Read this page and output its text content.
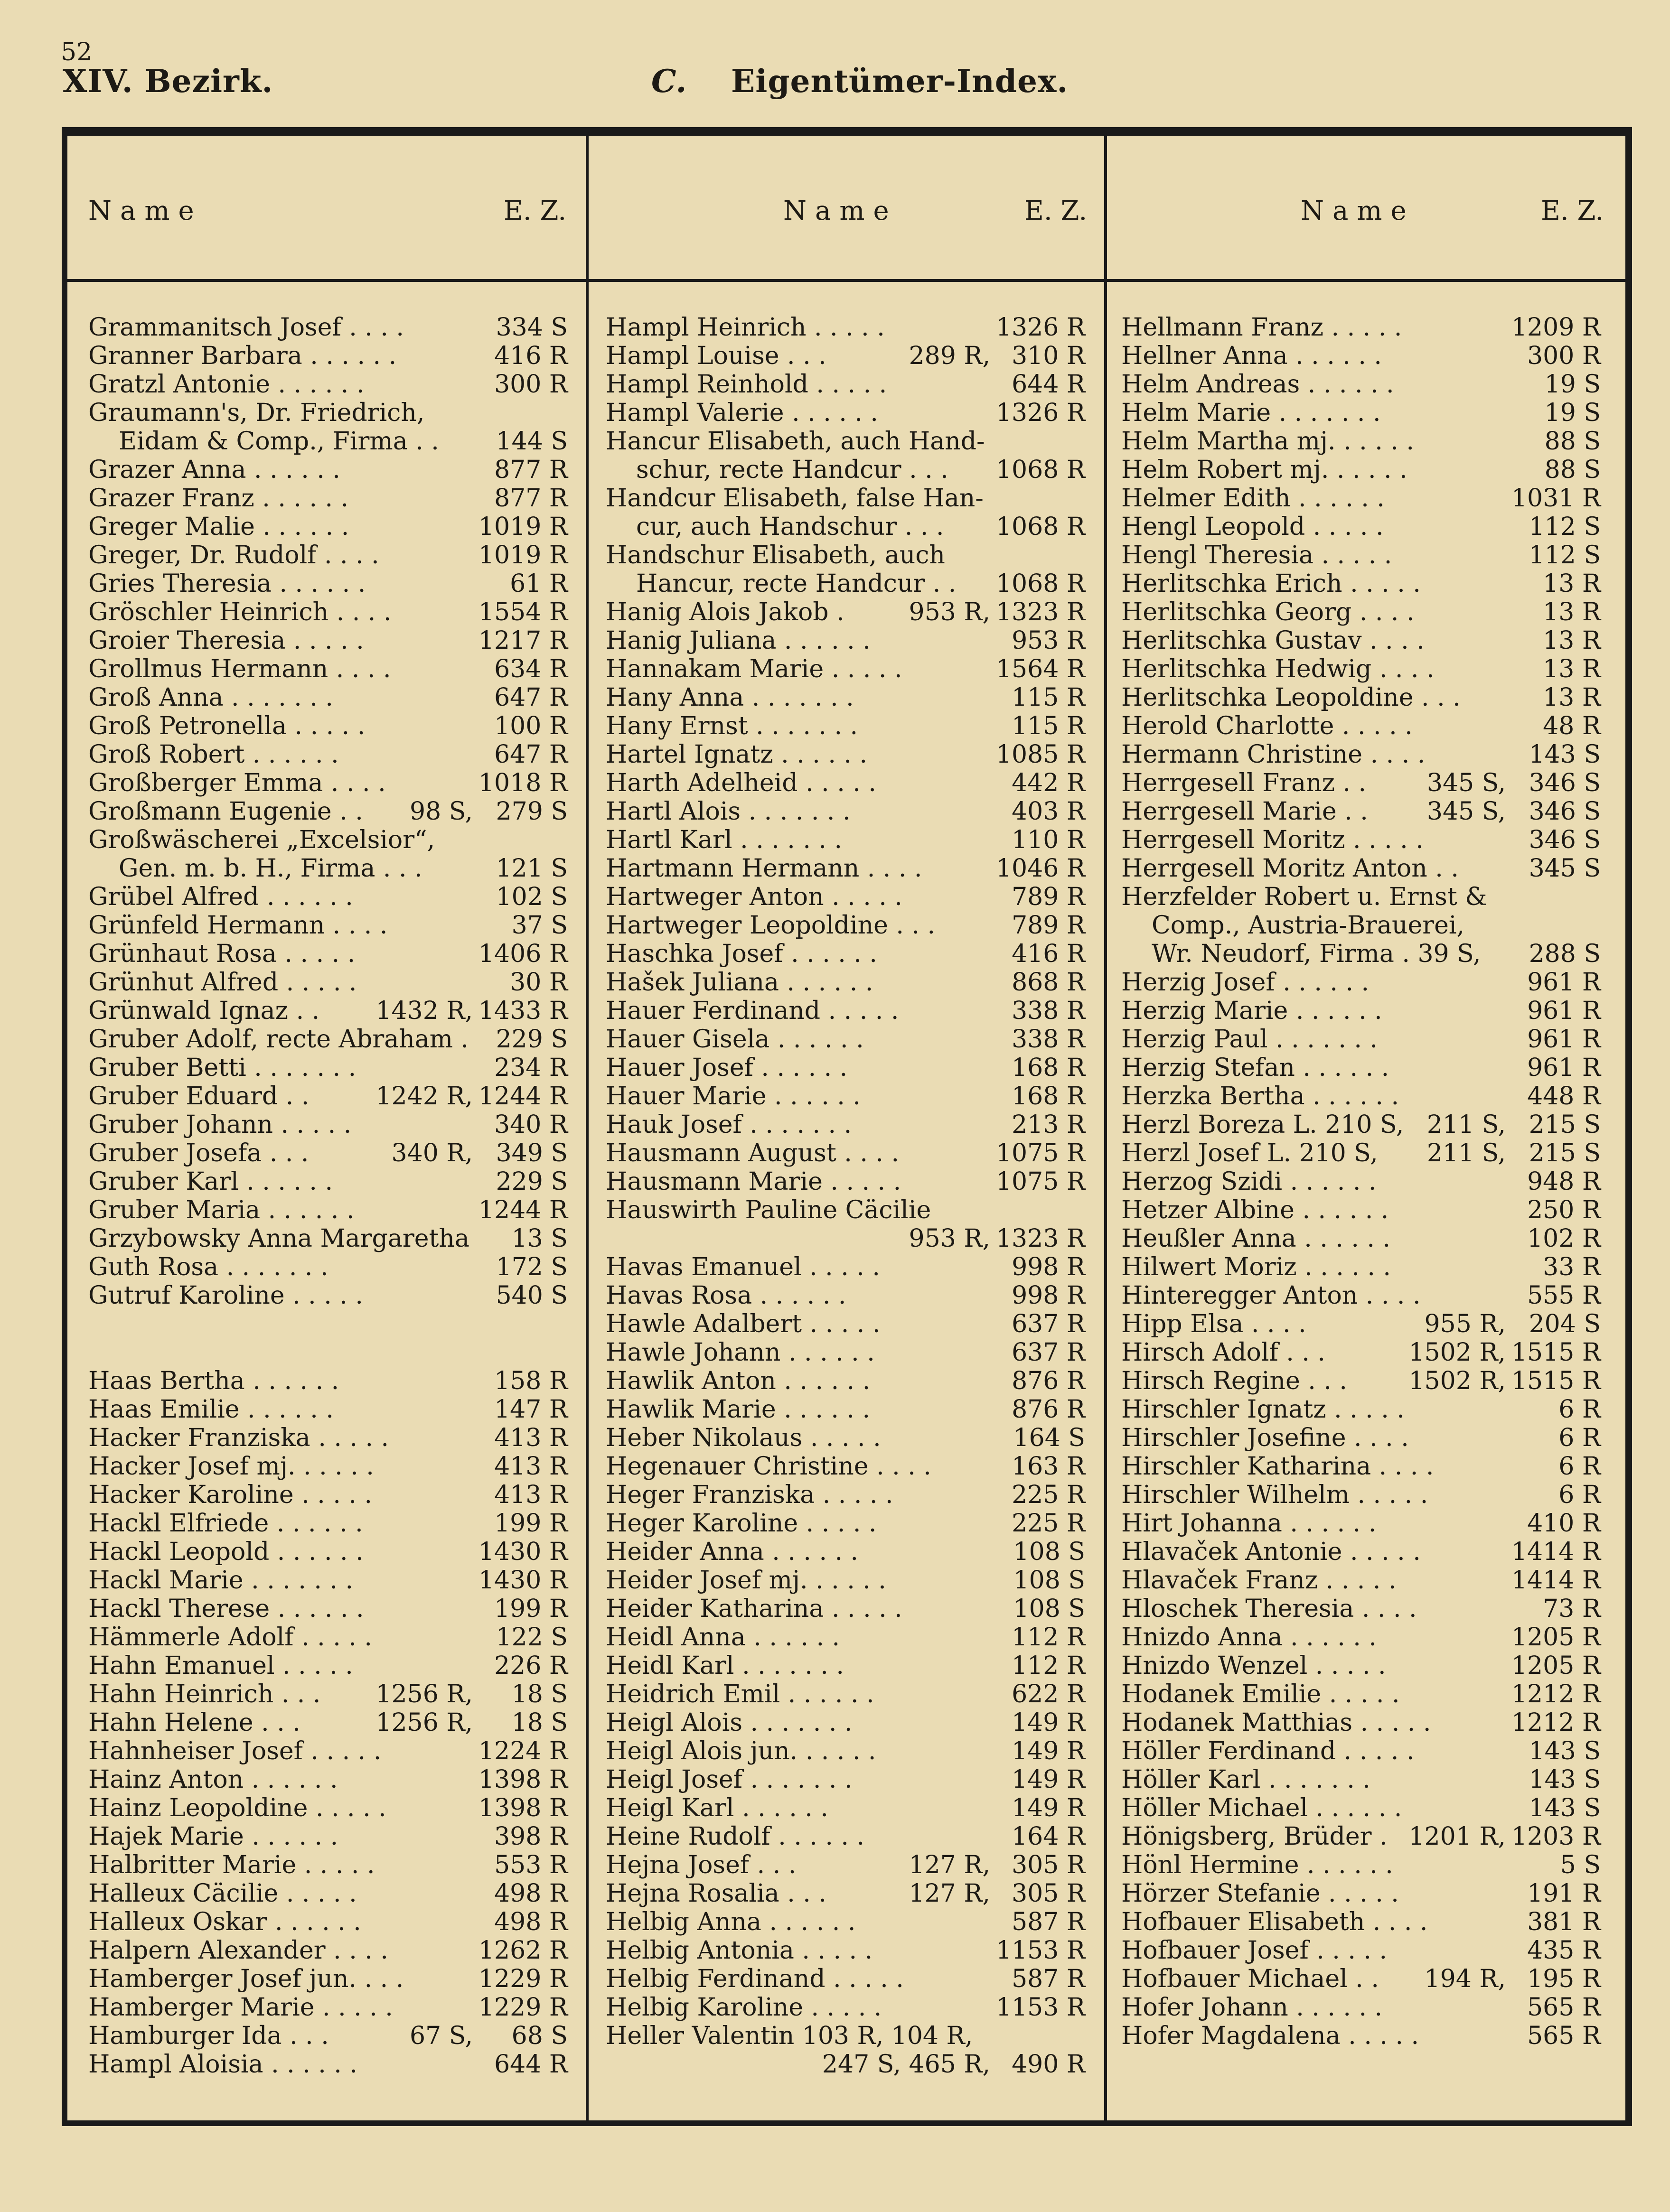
52
XIV. Bezirk.	C. Eigentümer-Index.
Name	E. Z.	Name	E. Z.	Name	E. Z.
Grammanitsch Josef . . . .	334 S
Granner Barbara . . . . . .	416 R
Gratzl Antonie . . . . . .	300 R
Graumann's, Dr. Friedrich,
Eidam & Comp., Firma . . 144 S
Grazer Anna . . . . . .	877 R
Grazer Franz . . . . . .	877 R
Greger Malie . . . . . .	1019 R
Greger, Dr. Rudolf . . . .	1019 R
Gries Theresia . . . . . .	61 R
Gröschler Heinrich . . . .	1554 R
Groier Theresia . . . . .	1217 R
Grollmus Hermann . . . .	634 R
Groß Anna . . . . . . .	647 R
Groß Petronella . . . . .	100 R
Groß Robert . . . . . .	647 R
Großberger Emma . . . .	1018 R
Großmann Eugenie . . 98 S, 279 S
Großwäscherei „Excelsior“,
Gen. m. b. H., Firma . . .	121 S
Grübel Alfred . . . . . .	102 S
Grünfeld Hermann . . . .	37 S
Grünhaut Rosa . . . . .	1406 R
Grünhut Alfred . . . . .	30 R
Grünwald Ignaz . . 1432 R, 1433 R
Gruber Adolf, recte Abraham . 229 S
Gruber Betti . . . . . . .	234 R
Gruber Eduard . .	1242 R, 1244 R
Gruber Johann . . . . .	340 R
Gruber Josefa . . .	340 R, 349 S
Gruber Karl . . . . . .	229 S
Gruber Maria . . . . . .	1244 R
Grzybowsky Anna Margaretha 13 S
Guth Rosa . . . . . . .	172 S
Gutruf Karoline . . . . .	540 S
Haas Bertha . . . . . .	158 R
Haas Emilie . . . . . .	147 R
Hacker Franziska . . . . .	413 R
Hacker Josef mj. . . . . .	413 R
Hacker Karoline . . . . .	413 R
Hackl Elfriede . . . . . .	199 R
Hackl Leopold . . . . . .	1430 R
Hackl Marie . . . . . . .	1430 R
Hackl Therese . . . . . .	199 R
Hämmerle Adolf . . . . .	122 S
Hahn Emanuel . . . . .	226 R
Hahn Heinrich . . . 1256 R, 18 S
Hahn Helene . . .	1256 R, 18 S
Hahnheiser Josef . . . . .	1224 R
Hainz Anton . . . . . .	1398 R
Hainz Leopoldine . . . . .	1398 R
Hajek Marie . . . . . .	398 R
Halbritter Marie . . . . .	553 R
Halleux Cäcilie . . . . .	498 R
Halleux Oskar . . . . . .	498 R
Halpern Alexander . . . .	1262 R
Hamberger Josef jun. . . .	1229 R
Hamberger Marie . . . . .	1229 R
Hamburger Ida . . .	67 S, 68 S
Hampl Aloisia . . . . . .	644 R
Hampl Heinrich . . . . .	1326 R
Hampl Louise . . .	289 R, 310 R
Hampl Reinhold . . . . .	644 R
Hampl Valerie . . . . . .	1326 R
Hancur Elisabeth, auch Hand-
schur, recte Handcur . . . 1068 R
Handcur Elisabeth, false Han-
cur, auch Handschur . . . 1068 R
Handschur Elisabeth, auch
Hancur, recte Handcur . . 1068 R
Hanig Alois Jakob .	953 R, 1323 R
Hanig Juliana . . . . . .	953 R
Hannakam Marie . . . . .	1564 R
Hany Anna . . . . . . .	115 R
Hany Ernst . . . . . . .	115 R
Hartel Ignatz . . . . . .	1085 R
Harth Adelheid . . . . .	442 R
Hartl Alois . . . . . . .	403 R
Hartl Karl . . . . . . .	110 R
Hartmann Hermann . . . .	1046 R
Hartweger Anton . . . . .	789 R
Hartweger Leopoldine . . .	789 R
Haschka Josef . . . . . .	416 R
Hašek Juliana . . . . . .	868 R
Hauer Ferdinand . . . . .	338 R
Hauer Gisela . . . . . .	338 R
Hauer Josef . . . . . .	168 R
Hauer Marie . . . . . .	168 R
Hauk Josef . . . . . . .	213 R
Hausmann August . . . .	1075 R
Hausmann Marie . . . . .	1075 R
Hauswirth Pauline Cäcilie
953 R, 1323 R
Havas Emanuel . . . . .	998 R
Havas Rosa . . . . . .	998 R
Hawle Adalbert . . . . .	637 R
Hawle Johann . . . . . .	637 R
Hawlik Anton . . . . . .	876 R
Hawlik Marie . . . . . .	876 R
Heber Nikolaus . . . . .	164 S
Hegenauer Christine . . . .	163 R
Heger Franziska . . . . .	225 R
Heger Karoline . . . . .	225 R
Heider Anna . . . . . .	108 S
Heider Josef mj. . . . . .	108 S
Heider Katharina . . . . .	108 S
Heidl Anna . . . . . .	112 R
Heidl Karl . . . . . . .	112 R
Heidrich Emil . . . . . .	622 R
Heigl Alois . . . . . . .	149 R
Heigl Alois jun. . . . . .	149 R
Heigl Josef . . . . . . .	149 R
Heigl Karl . . . . . .	149 R
Heine Rudolf . . . . . .	164 R
Hejna Josef . . .	127 R, 305 R
Hejna Rosalia . . .	127 R, 305 R
Helbig Anna . . . . . .	587 R
Helbig Antonia . . . . .	1153 R
Helbig Ferdinand . . . . .	587 R
Helbig Karoline . . . . .	1153 R
Heller Valentin 103 R, 104 R,
247 S, 465 R, 490 R
Hellmann Franz . . . . .	1209 R
Hellner Anna . . . . . .	300 R
Helm Andreas . . . . . .	19 S
Helm Marie . . . . . . .	19 S
Helm Martha mj. . . . . .	88 S
Helm Robert mj. . . . . .	88 S
Helmer Edith . . . . . .	1031 R
Hengl Leopold . . . . .	112 S
Hengl Theresia . . . . .	112 S
Herlitschka Erich . . . . .	13 R
Herlitschka Georg . . . .	13 R
Herlitschka Gustav . . . .	13 R
Herlitschka Hedwig . . . .	13 R
Herlitschka Leopoldine . . .	13 R
Herold Charlotte . . . . .	48 R
Hermann Christine . . . .	143 S
Herrgesell Franz . . 345 S, 346 S
Herrgesell Marie . . 345 S, 346 S
Herrgesell Moritz . . . . .	346 S
Herrgesell Moritz Anton . .	345 S
Herzfelder Robert u. Ernst &
Comp., Austria-Brauerei,
Wr. Neudorf, Firma . 39 S, 288 S
Herzig Josef . . . . . .	961 R
Herzig Marie . . . . . .	961 R
Herzig Paul . . . . . . .	961 R
Herzig Stefan . . . . . .	961 R
Herzka Bertha . . . . . .	448 R
Herzl Boreza L. 210 S, 211 S, 215 S
Herzl Josef L. 210 S, 211 S, 215 S
Herzog Szidi . . . . . .	948 R
Hetzer Albine . . . . . .	250 R
Heußler Anna . . . . . .	102 R
Hilwert Moriz . . . . . .	33 R
Hinteregger Anton . . . .	555 R
Hipp Elsa . . . .	955 R, 204 S
Hirsch Adolf . . .	1502 R, 1515 R
Hirsch Regine . . . 1502 R, 1515 R
Hirschler Ignatz . . . . .	6 R
Hirschler Josefine . . . .	6 R
Hirschler Katharina . . . .	6 R
Hirschler Wilhelm . . . . .	6 R
Hirt Johanna . . . . . .	410 R
Hlavaček Antonie . . . . .	1414 R
Hlavaček Franz . . . . .	1414 R
Hloschek Theresia . . . .	73 R
Hnizdo Anna . . . . . .	1205 R
Hnizdo Wenzel . . . . .	1205 R
Hodanek Emilie . . . . .	1212 R
Hodanek Matthias . . . . .	1212 R
Höller Ferdinand . . . . .	143 S
Höller Karl . . . . . . .	143 S
Höller Michael . . . . . .	143 S
Hönigsberg, Brüder . 1201 R, 1203 R
Hönl Hermine . . . . . .	5 S
Hörzer Stefanie . . . . .	191 R
Hofbauer Elisabeth . . . .	381 R
Hofbauer Josef . . . . .	435 R
Hofbauer Michael . . 194 R, 195 R
Hofer Johann . . . . . .	565 R
Hofer Magdalena . . . . .	565 R
